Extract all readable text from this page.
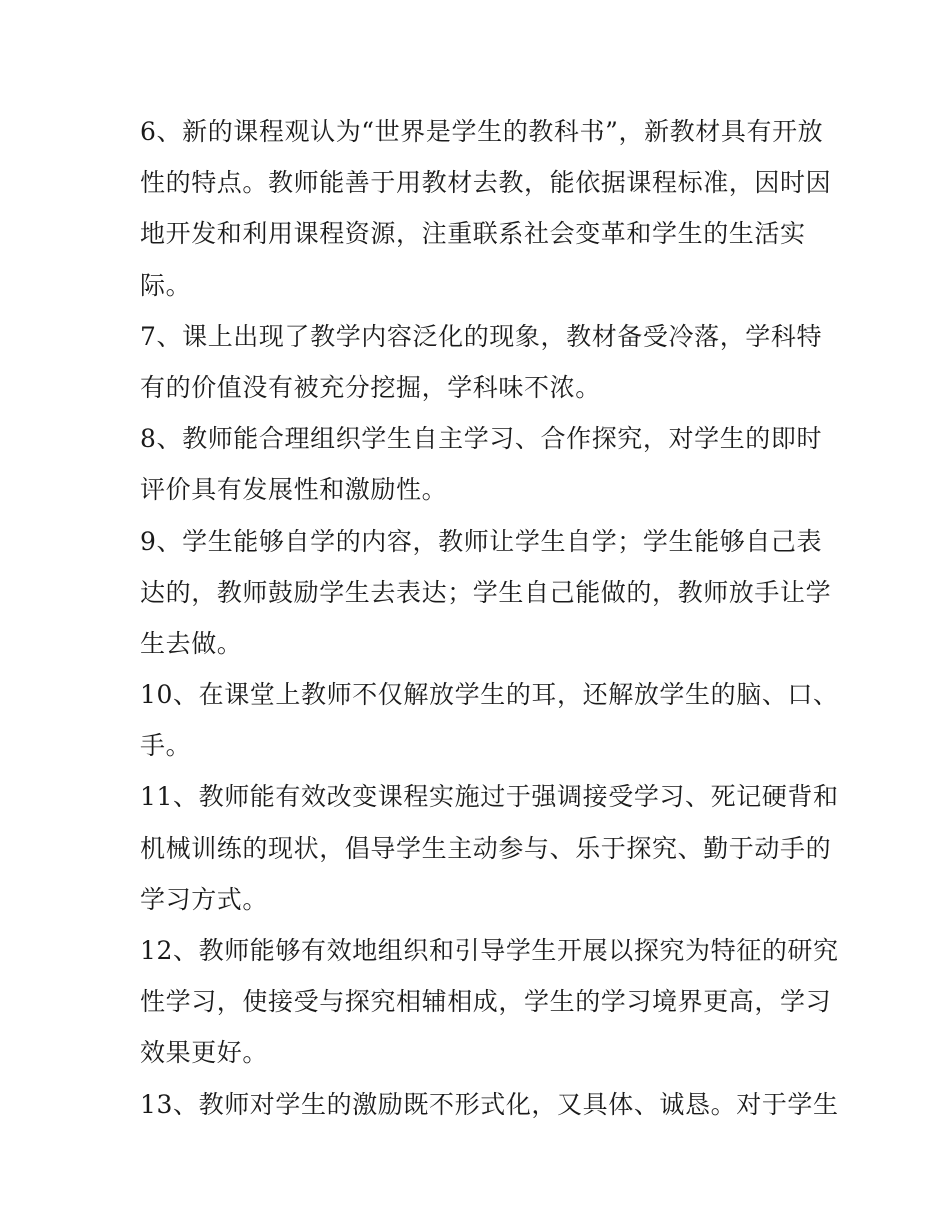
6、新的课程观认为“世界是学生的教科书”，新教材具有开放
性的特点。教师能善于用教材去教，能依据课程标准，因时因
地开发和利用课程资源，注重联系社会变革和学生的生活实
际。
7、课上出现了教学内容泛化的现象，教材备受冷落，学科特
有的价值没有被充分挖掘，学科味不浓。
8、教师能合理组织学生自主学习、合作探究，对学生的即时
评价具有发展性和激励性。
9、学生能够自学的内容，教师让学生自学；学生能够自己表
达的，教师鼓励学生去表达；学生自己能做的，教师放手让学
生去做。
10、在课堂上教师不仅解放学生的耳，还解放学生的脑、口、
手。
11、教师能有效改变课程实施过于强调接受学习、死记硬背和
机械训练的现状，倡导学生主动参与、乐于探究、勤于动手的
学习方式。
12、教师能够有效地组织和引导学生开展以探究为特征的研究
性学习，使接受与探究相辅相成，学生的学习境界更高，学习
效果更好。
13、教师对学生的激励既不形式化，又具体、诚恳。对于学生
